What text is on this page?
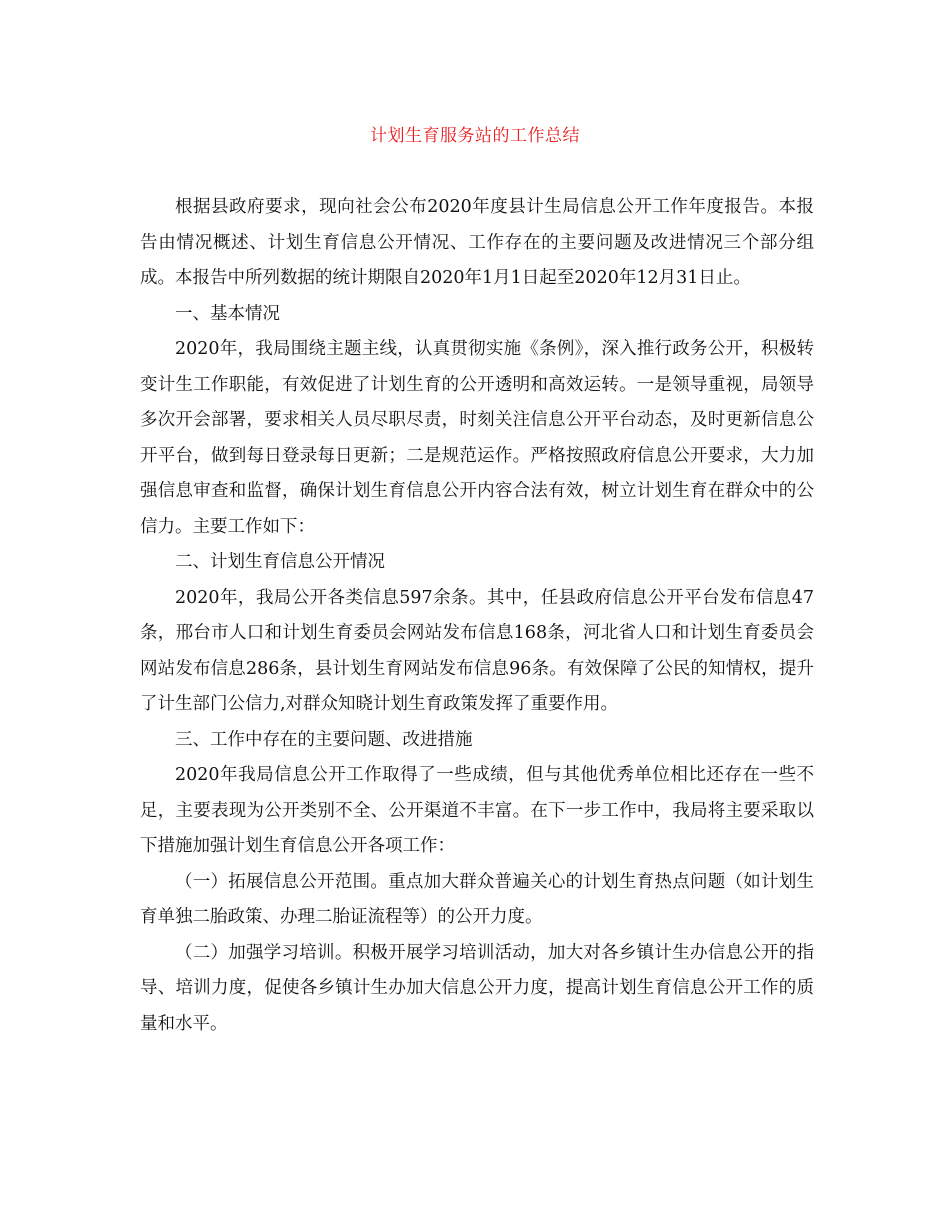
计划生育服务站的工作总结

根据县政府要求，现向社会公布2020年度县计生局信息公开工作年度报告。本报告由情况概述、计划生育信息公开情况、工作存在的主要问题及改进情况三个部分组成。本报告中所列数据的统计期限自2020年1月1日起至2020年12月31日止。

一、基本情况

2020年，我局围绕主题主线，认真贯彻实施《条例》，深入推行政务公开，积极转变计生工作职能，有效促进了计划生育的公开透明和高效运转。一是领导重视，局领导多次开会部署，要求相关人员尽职尽责，时刻关注信息公开平台动态，及时更新信息公开平台，做到每日登录每日更新；二是规范运作。严格按照政府信息公开要求，大力加强信息审查和监督，确保计划生育信息公开内容合法有效，树立计划生育在群众中的公信力。主要工作如下：

二、计划生育信息公开情况

2020年，我局公开各类信息597余条。其中，任县政府信息公开平台发布信息47条，邢台市人口和计划生育委员会网站发布信息168条，河北省人口和计划生育委员会网站发布信息286条，县计划生育网站发布信息96条。有效保障了公民的知情权，提升了计生部门公信力,对群众知晓计划生育政策发挥了重要作用。

三、工作中存在的主要问题、改进措施

2020年我局信息公开工作取得了一些成绩，但与其他优秀单位相比还存在一些不足，主要表现为公开类别不全、公开渠道不丰富。在下一步工作中，我局将主要采取以下措施加强计划生育信息公开各项工作：

（一）拓展信息公开范围。重点加大群众普遍关心的计划生育热点问题（如计划生育单独二胎政策、办理二胎证流程等）的公开力度。

（二）加强学习培训。积极开展学习培训活动，加大对各乡镇计生办信息公开的指导、培训力度，促使各乡镇计生办加大信息公开力度，提高计划生育信息公开工作的质量和水平。
